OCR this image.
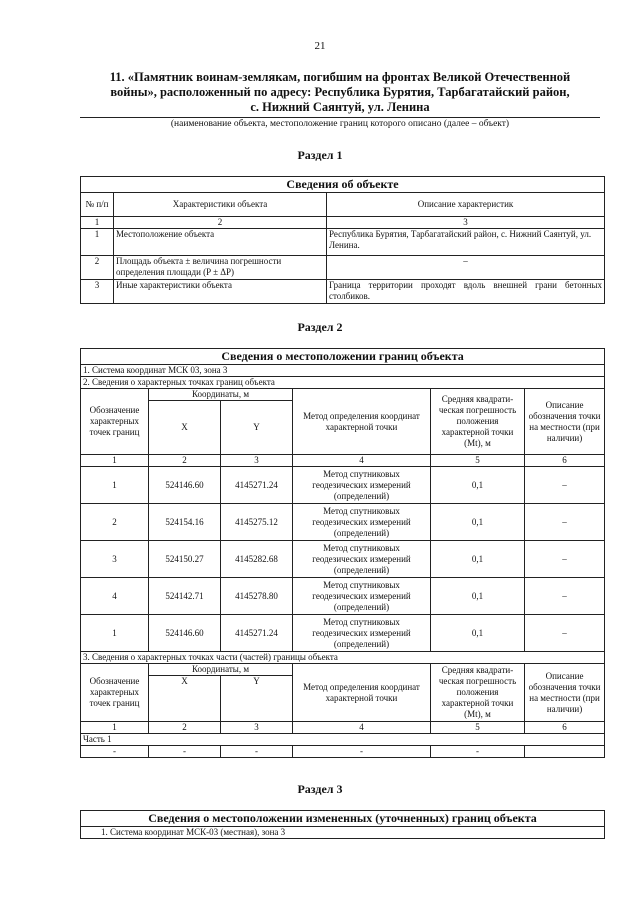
21
11. «Памятник воинам-землякам, погибшим на фронтах Великой Отечественной
войны», расположенный по адресу: Республика Бурятия, Тарбагатайский район,
с. Нижний Саянтуй, ул. Ленина
(наименование объекта, местоположение границ которого описано (далее – объект)
Раздел 1
Сведения об объекте		
№ п/п	Характеристики объекта	Описание характеристик
1	2	3
1	Местоположение объекта	Республика Бурятия, Тарбагатайский район, с. Нижний Саянтуй, ул. Ленина.
2	Площадь объекта ± величина погрешности определения площади (P ± ΔP)	–
3	Иные характеристики объекта	Граница территории проходят вдоль внешней грани бетонных столбиков.
Раздел 2
Сведения о местоположении границ объекта					
1. Система координат МСК 03, зона 3					
2. Сведения о характерных точках границ объекта					
Обозначение характерных точек границ	Координаты, м		Метод определения координат характерной точки	Средняя квадрати-ческая погрешность положения характерной точки (Mt), м	Описание обозначения точки на местности (при наличии)
	X	Y			
1	2	3	4	5	6
1	524146.60	4145271.24	Метод спутниковых геодезических измерений (определений)	0,1	–
2	524154.16	4145275.12	Метод спутниковых геодезических измерений (определений)	0,1	–
3	524150.27	4145282.68	Метод спутниковых геодезических измерений (определений)	0,1	–
4	524142.71	4145278.80	Метод спутниковых геодезических измерений (определений)	0,1	–
1	524146.60	4145271.24	Метод спутниковых геодезических измерений (определений)	0,1	–
3. Сведения о характерных точках части (частей) границы объекта					
Обозначение характерных точек границ	Координаты, м		Метод определения координат характерной точки	Средняя квадрати-ческая погрешность положения характерной точки (Mt), м	Описание обозначения точки на местности (при наличии)
	X	Y			
1	2	3	4	5	6
Часть 1					
-	-	-	-	-	
Раздел 3
Сведения о местоположении измененных (уточненных) границ объекта
1. Система координат МСК-03 (местная), зона 3
